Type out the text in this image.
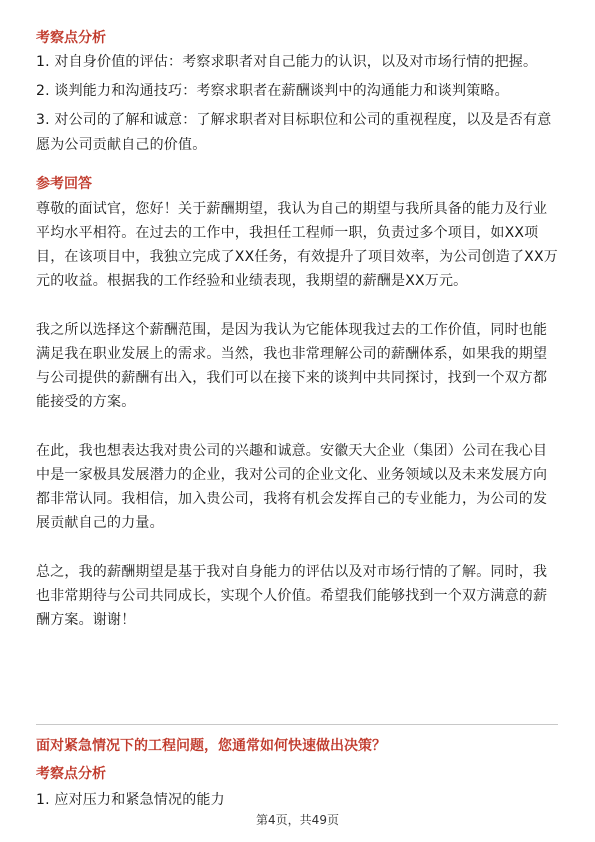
考察点分析

1. 对自身价值的评估：考察求职者对自己能力的认识，以及对市场行情的把握。

2. 谈判能力和沟通技巧：考察求职者在薪酬谈判中的沟通能力和谈判策略。

3. 对公司的了解和诚意：了解求职者对目标职位和公司的重视程度，以及是否有意愿为公司贡献自己的价值。

参考回答

尊敬的面试官，您好！关于薪酬期望，我认为自己的期望与我所具备的能力及行业平均水平相符。在过去的工作中，我担任工程师一职，负责过多个项目，如XX项目，在该项目中，我独立完成了XX任务，有效提升了项目效率，为公司创造了XX万元的收益。根据我的工作经验和业绩表现，我期望的薪酬是XX万元。

我之所以选择这个薪酬范围，是因为我认为它能体现我过去的工作价值，同时也能满足我在职业发展上的需求。当然，我也非常理解公司的薪酬体系，如果我的期望与公司提供的薪酬有出入，我们可以在接下来的谈判中共同探讨，找到一个双方都能接受的方案。

在此，我也想表达我对贵公司的兴趣和诚意。安徽天大企业（集团）公司在我心目中是一家极具发展潜力的企业，我对公司的企业文化、业务领域以及未来发展方向都非常认同。我相信，加入贵公司，我将有机会发挥自己的专业能力，为公司的发展贡献自己的力量。

总之，我的薪酬期望是基于我对自身能力的评估以及对市场行情的了解。同时，我也非常期待与公司共同成长，实现个人价值。希望我们能够找到一个双方满意的薪酬方案。谢谢！

面对紧急情况下的工程问题，您通常如何快速做出决策？
考察点分析

1. 应对压力和紧急情况的能力

第4页，共49页
